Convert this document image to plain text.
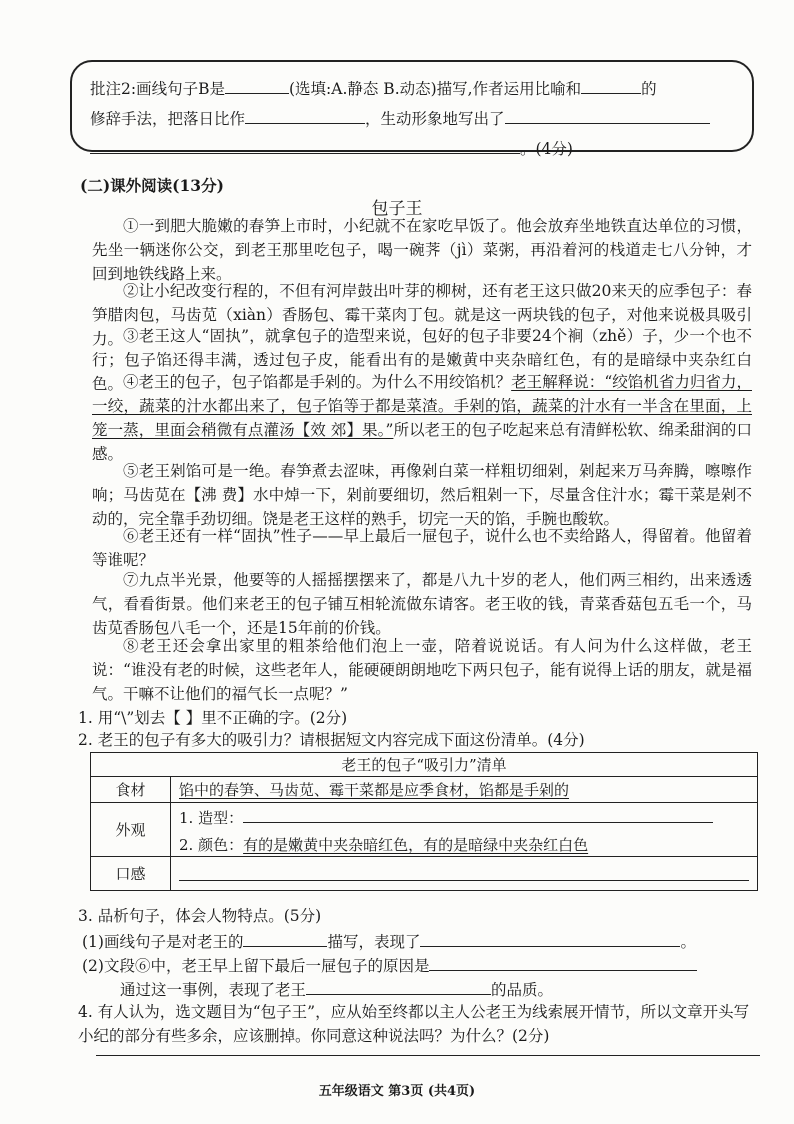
批注2:画线句子B是	(选填:A.静态 B.动态)描写,作者运用比喻和	的
修辞手法，把落日比作	，生动形象地写出了
。(4分)
(二)课外阅读(13分)
包子王
①一到肥大脆嫩的春笋上市时，小纪就不在家吃早饭了。他会放弃坐地铁直达单位的习惯，先坐一辆迷你公交，到老王那里吃包子，喝一碗荠（jì）菜粥，再沿着河的栈道走七八分钟，才回到地铁线路上来。
②让小纪改变行程的，不但有河岸鼓出叶芽的柳树，还有老王这只做20来天的应季包子：春笋腊肉包，马齿苋（xiàn）香肠包、霉干菜肉丁包。就是这一两块钱的包子，对他来说极具吸引力。 ③老王这人“固执”，就拿包子的造型来说，包好的包子非要24个裥（zhě）子，少一个也不行；包子馅还得丰满，透过包子皮，能看出有的是嫩黄中夹杂暗红色，有的是暗绿中夹杂红白色。 ④老王的包子，包子馅都是手剁的。为什么不用绞馅机？老王解释说：“绞馅机省力归省力，一绞，蔬菜的汁水都出来了，包子馅等于都是菜渣。手剁的馅，蔬菜的汁水有一半含在里面，上笼一蒸，里面会稍微有点灌汤【效 郊】果。”所以老王的包子吃起来总有清鲜松软、绵柔甜润的口感。
⑤老王剁馅可是一绝。春笋煮去涩味，再像剁白菜一样粗切细剁，剁起来万马奔腾，嚓嚓作响；马齿苋在【沸 费】水中焯一下，剁前要细切，然后粗剁一下，尽量含住汁水；霉干菜是剁不动的，完全靠手劲切细。饶是老王这样的熟手，切完一天的馅，手腕也酸软。
⑥老王还有一样“固执”性子——早上最后一屉包子，说什么也不卖给路人，得留着。他留着等谁呢？
⑦九点半光景，他要等的人摇摇摆摆来了，都是八九十岁的老人，他们两三相约，出来透透气，看看街景。他们来老王的包子铺互相轮流做东请客。老王收的钱，青菜香菇包五毛一个，马齿苋香肠包八毛一个，还是15年前的价钱。
⑧老王还会拿出家里的粗茶给他们泡上一壶，陪着说说话。有人问为什么这样做，老王说：“谁没有老的时候，这些老年人，能硬硬朗朗地吃下两只包子，能有说得上话的朋友，就是福气。干嘛不让他们的福气长一点呢？”
1. 用“\”划去【 】里不正确的字。(2分)
2. 老王的包子有多大的吸引力？请根据短文内容完成下面这份清单。(4分)
老王的包子“吸引力”清单	
食材	馅中的春笋、马齿苋、霉干菜都是应季食材，馅都是手剁的
外观	1. 造型：
2. 颜色：有的是嫩黄中夹杂暗红色，有的是暗绿中夹杂红白色

口感	
3. 品析句子，体会人物特点。(5分)
(1)画线句子是对老王的	描写，表现了	。
(2)文段⑥中，老王早上留下最后一屉包子的原因是
通过这一事例，表现了老王	的品质。
4. 有人认为，选文题目为“包子王”，应从始至终都以主人公老王为线索展开情节，所以文章开头写小纪的部分有些多余，应该删掉。你同意这种说法吗？为什么？(2分)
五年级语文 第3页 (共4页)
